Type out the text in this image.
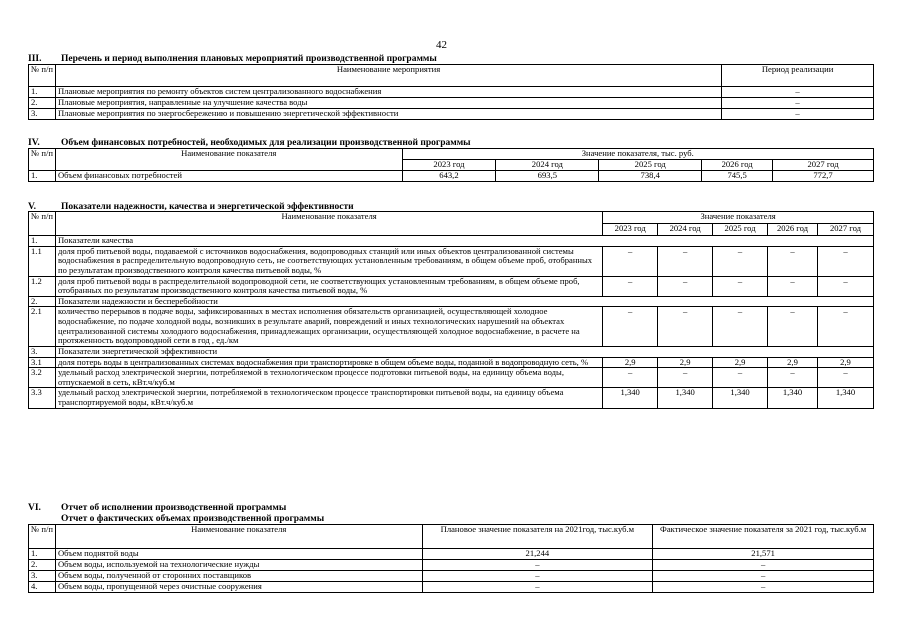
42
III. Перечень и период выполнения плановых мероприятий производственной программы
№ п/п	Наименование мероприятия	Период реализации
1.	Плановые мероприятия по ремонту объектов систем централизованного водоснабжения	–
2.	Плановые мероприятия, направленные на улучшение качества воды	–
3.	Плановые мероприятия по энергосбережению и повышению энергетической эффективности	–
IV. Объем финансовых потребностей, необходимых для реализации производственной программы
№ п/п	Наименование показателя	Значение показателя, тыс. руб.				
		2023 год	2024 год	2025 год	2026 год	2027 год
1.	Объем финансовых потребностей	643,2	693,5	738,4	745,5	772,7
V.	Показатели надежности, качества и энергетической эффективности
№ п/п	Наименование показателя	Значение показателя				
		2023 год	2024 год	2025 год	2026 год	2027 год
1.	Показатели качества					
1.1	доля проб питьевой воды, подаваемой с источников водоснабжения, водопроводных станций или иных объектов централизованной системы водоснабжения в распределительную водопроводную сеть, не соответствующих установленным требованиям, в общем объеме проб, отобранных по результатам производственного контроля качества питьевой воды, %	–	–	–	–	–
1.2	доля проб питьевой воды в распределительной водопроводной сети, не соответствующих установленным требованиям, в общем объеме проб, отобранных по результатам производственного контроля качества питьевой воды, %	–	–	–	–	–
2.	Показатели надежности и бесперебойности					
2.1	количество перерывов в подаче воды, зафиксированных в местах исполнения обязательств организацией, осуществляющей холодное водоснабжение, по подаче холодной воды, возникших в результате аварий, повреждений и иных технологических нарушений на объектах централизованной системы холодного водоснабжения, принадлежащих организации, осуществляющей холодное водоснабжение, в расчете на протяженность водопроводной сети в год , ед./км	–	–	–	–	–
3.	Показатели энергетической эффективности					
3.1	доля потерь воды в централизованных системах водоснабжения при транспортировке в общем объеме воды, поданной в водопроводную сеть, %	2,9	2,9	2,9	2,9	2,9
3.2	удельный расход электрической энергии, потребляемой в технологическом процессе подготовки питьевой воды, на единицу объема воды, отпускаемой в сеть, кВт.ч/куб.м	–	–	–	–	–
3.3	удельный расход электрической энергии, потребляемой в технологическом процессе транспортировки питьевой воды, на единицу объема транспортируемой воды, кВт.ч/куб.м	1,340	1,340	1,340	1,340	1,340
VI. Отчет об исполнении производственной программы
Отчет о фактических объемах производственной программы
№ п/п	Наименование показателя	Плановое значение показателя на 2021год, тыс.куб.м	Фактическое значение показателя за 2021 год, тыс.куб.м
1.	Объем поднятой воды	21,244	21,571
2.	Объем воды, используемой на технологические нужды	–	–
3.	Объем воды, полученной от сторонних поставщиков	–	–
4.	Объем воды, пропущенной через очистные сооружения	–	–
